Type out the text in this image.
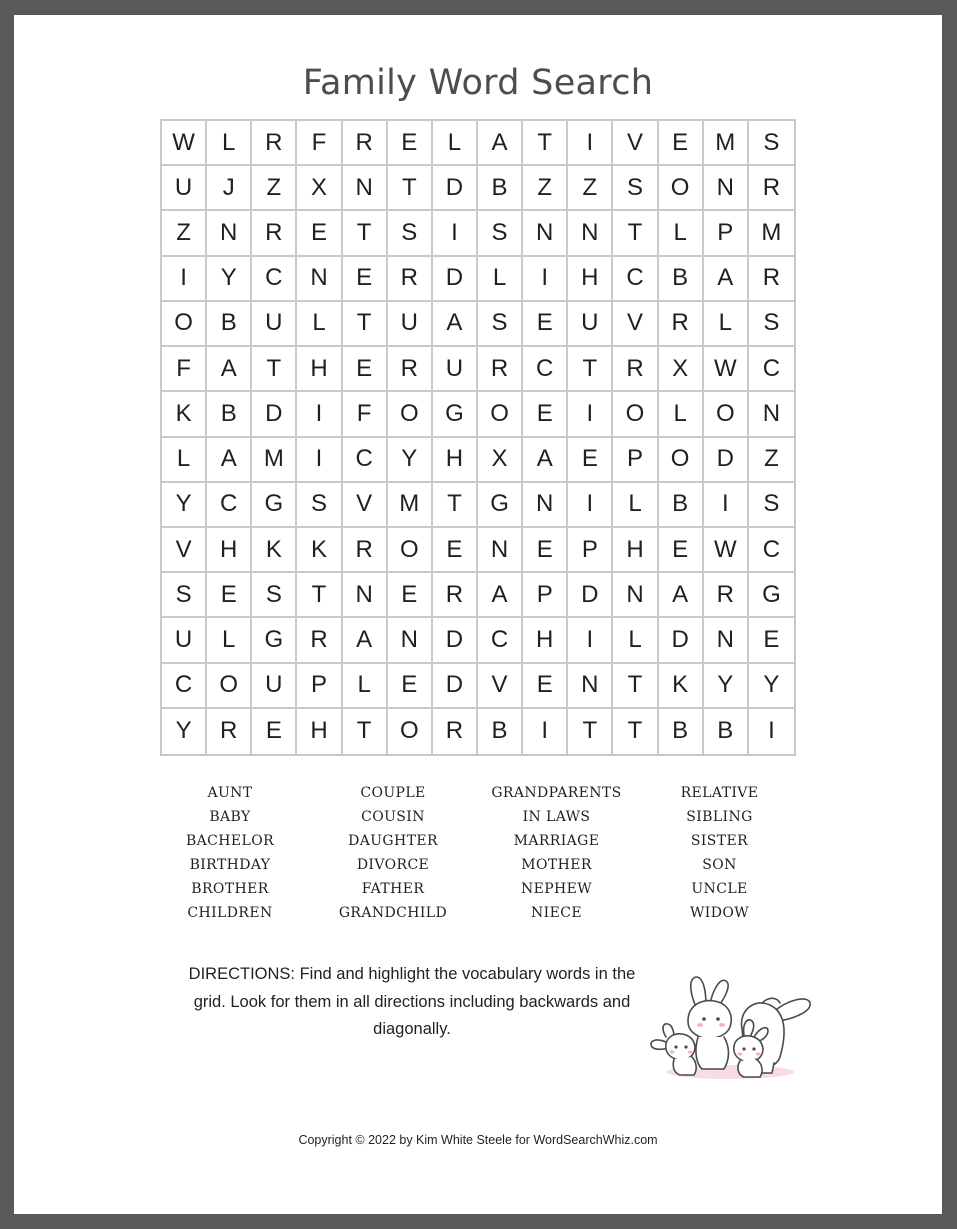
Family Word Search
W	L	R	F	R	E	L	A	T	I	V	E	M	S
U	J	Z	X	N	T	D	B	Z	Z	S	O	N	R
Z	N	R	E	T	S	I	S	N	N	T	L	P	M
I	Y	C	N	E	R	D	L	I	H	C	B	A	R
O	B	U	L	T	U	A	S	E	U	V	R	L	S
F	A	T	H	E	R	U	R	C	T	R	X	W	C
K	B	D	I	F	O	G	O	E	I	O	L	O	N
L	A	M	I	C	Y	H	X	A	E	P	O	D	Z
Y	C	G	S	V	M	T	G	N	I	L	B	I	S
V	H	K	K	R	O	E	N	E	P	H	E	W	C
S	E	S	T	N	E	R	A	P	D	N	A	R	G
U	L	G	R	A	N	D	C	H	I	L	D	N	E
C	O	U	P	L	E	D	V	E	N	T	K	Y	Y
Y	R	E	H	T	O	R	B	I	T	T	B	B	I
AUNT
BABY
BACHELOR
BIRTHDAY
BROTHER
CHILDREN
COUPLE
COUSIN
DAUGHTER
DIVORCE
FATHER
GRANDCHILD
GRANDPARENTS
IN LAWS
MARRIAGE
MOTHER
NEPHEW
NIECE
RELATIVE
SIBLING
SISTER
SON
UNCLE
WIDOW
DIRECTIONS: Find and highlight the vocabulary words in the grid. Look for them in all directions including backwards and diagonally.
Copyright © 2022 by Kim White Steele for WordSearchWhiz.com
